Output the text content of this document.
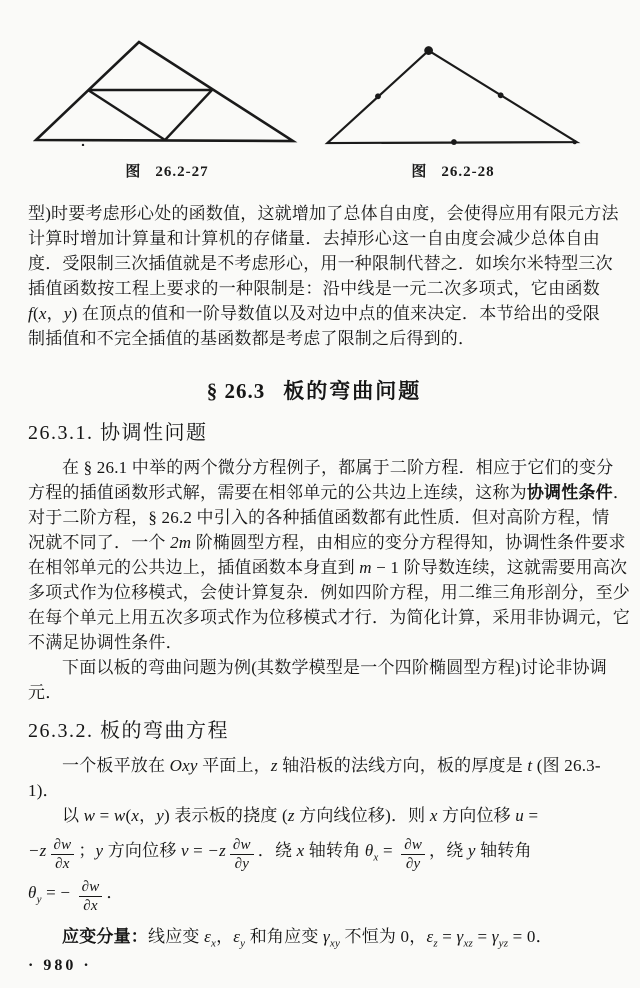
图 26.2-27	图 26.2-28
型)时要考虑形心处的函数值，这就增加了总体自由度，会使得应用有限元方法
计算时增加计算量和计算机的存储量．去掉形心这一自由度会减少总体自由
度．受限制三次插值就是不考虑形心，用一种限制代替之．如埃尔米特型三次
插值函数按工程上要求的一种限制是：沿中线是一元二次多项式，它由函数
f(x，y) 在顶点的值和一阶导数值以及对边中点的值来决定．本节给出的受限
制插值和不完全插值的基函数都是考虑了限制之后得到的．
§ 26.3 板的弯曲问题
26.3.1. 协调性问题
在 § 26.1 中举的两个微分方程例子，都属于二阶方程．相应于它们的变分
方程的插值函数形式解，需要在相邻单元的公共边上连续，这称为协调性条件．
对于二阶方程，§ 26.2 中引入的各种插值函数都有此性质．但对高阶方程，情
况就不同了．一个 2m 阶椭圆型方程，由相应的变分方程得知，协调性条件要求
在相邻单元的公共边上，插值函数本身直到 m − 1 阶导数连续，这就需要用高次
多项式作为位移模式，会使计算复杂．例如四阶方程，用二维三角形剖分，至少
在每个单元上用五次多项式作为位移模式才行．为简化计算，采用非协调元，它
不满足协调性条件．
下面以板的弯曲问题为例(其数学模型是一个四阶椭圆型方程)讨论非协调
元．
26.3.2. 板的弯曲方程
一个板平放在 Oxy 平面上，z 轴沿板的法线方向，板的厚度是 t (图 26.3-
1)．
以 w = w(x，y) 表示板的挠度 (z 方向线位移)．则 x 方向位移 u =
$-z \frac{\partial w}{\partial x}$ ；y 方向位移 $v = -z \frac{\partial w}{\partial y}$ ．绕 x 轴转角 $\theta_x = \frac{\partial w}{\partial y}$ ，绕 y 轴转角
$\theta_y$ = − $\frac{\partial w}{\partial x}$ ．
应变分量：线应变 $\varepsilon_x$，$\varepsilon_y$ 和角应变 $\gamma_{xy}$ 不恒为 0，$\varepsilon_z = \gamma_{xz} = \gamma_{yz} = 0$．
· 980 ·
